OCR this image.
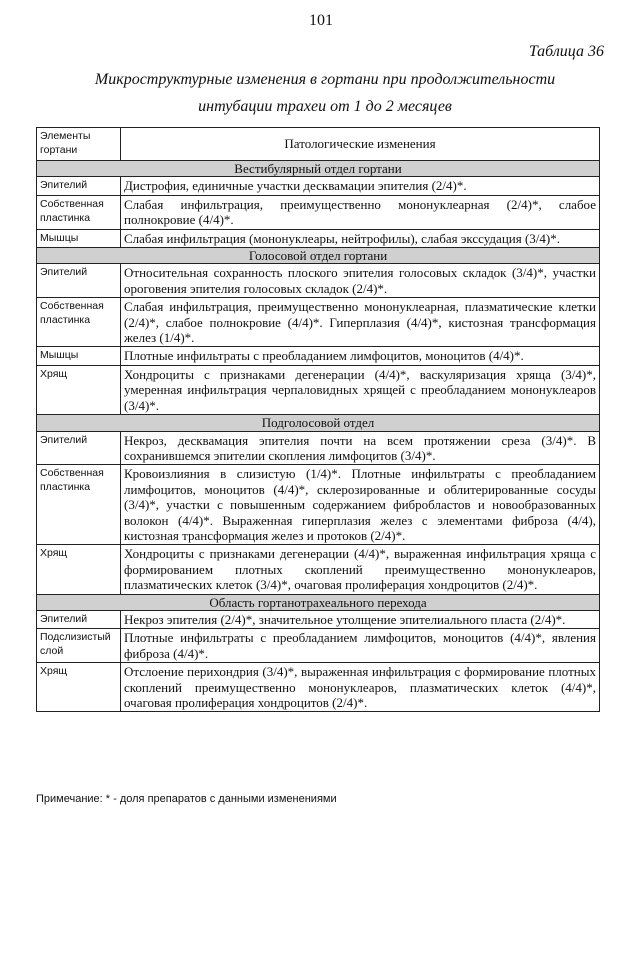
101
Таблица 36
Микроструктурные изменения в гортани при продолжительности
интубации трахеи от 1 до 2 месяцев
Элементы гортани	Патологические изменения
Вестибулярный отдел гортани	
Эпителий	Дистрофия, единичные участки десквамации эпителия (2/4)*.
Собственная пластинка	Слабая инфильтрация, преимущественно мононуклеарная (2/4)*, слабое полнокровие (4/4)*.
Мышцы	Слабая инфильтрация (мононуклеары, нейтрофилы), слабая экссудация (3/4)*.
Голосовой отдел гортани	
Эпителий	Относительная сохранность плоского эпителия голосовых складок (3/4)*, участки ороговения эпителия голосовых складок (2/4)*.
Собственная пластинка	Слабая инфильтрация, преимущественно мононуклеарная, плазматические клетки (2/4)*, слабое полнокровие (4/4)*. Гиперплазия (4/4)*, кистозная трансформация желез (1/4)*.
Мышцы	Плотные инфильтраты с преобладанием лимфоцитов, моноцитов (4/4)*.
Хрящ	Хондроциты с признаками дегенерации (4/4)*, васкуляризация хряща (3/4)*, умеренная инфильтрация черпаловидных хрящей с преобладанием мононуклеаров (3/4)*.
Подголосовой отдел	
Эпителий	Некроз, десквамация эпителия почти на всем протяжении среза (3/4)*. В сохранившемся эпителии скопления лимфоцитов (3/4)*.
Собственная пластинка	Кровоизлияния в слизистую (1/4)*. Плотные инфильтраты с преобладанием лимфоцитов, моноцитов (4/4)*, склерозированные и облитерированные сосуды (3/4)*, участки с повышенным содержанием фибробластов и новообразованных волокон (4/4)*. Выраженная гиперплазия желез с элементами фиброза (4/4), кистозная трансформация желез и протоков (2/4)*.
Хрящ	Хондроциты с признаками дегенерации (4/4)*, выраженная инфильтрация хряща с формированием плотных скоплений преимущественно мононуклеаров, плазматических клеток (3/4)*, очаговая пролиферация хондроцитов (2/4)*.
Область гортанотрахеального перехода	
Эпителий	Некроз эпителия (2/4)*, значительное утолщение эпителиального пласта (2/4)*.
Подслизистый слой	Плотные инфильтраты с преобладанием лимфоцитов, моноцитов (4/4)*, явления фиброза (4/4)*.
Хрящ	Отслоение перихондрия (3/4)*, выраженная инфильтрация с формирование плотных скоплений преимущественно мононуклеаров, плазматических клеток (4/4)*, очаговая пролиферация хондроцитов (2/4)*.
Примечание: * - доля препаратов с данными изменениями
